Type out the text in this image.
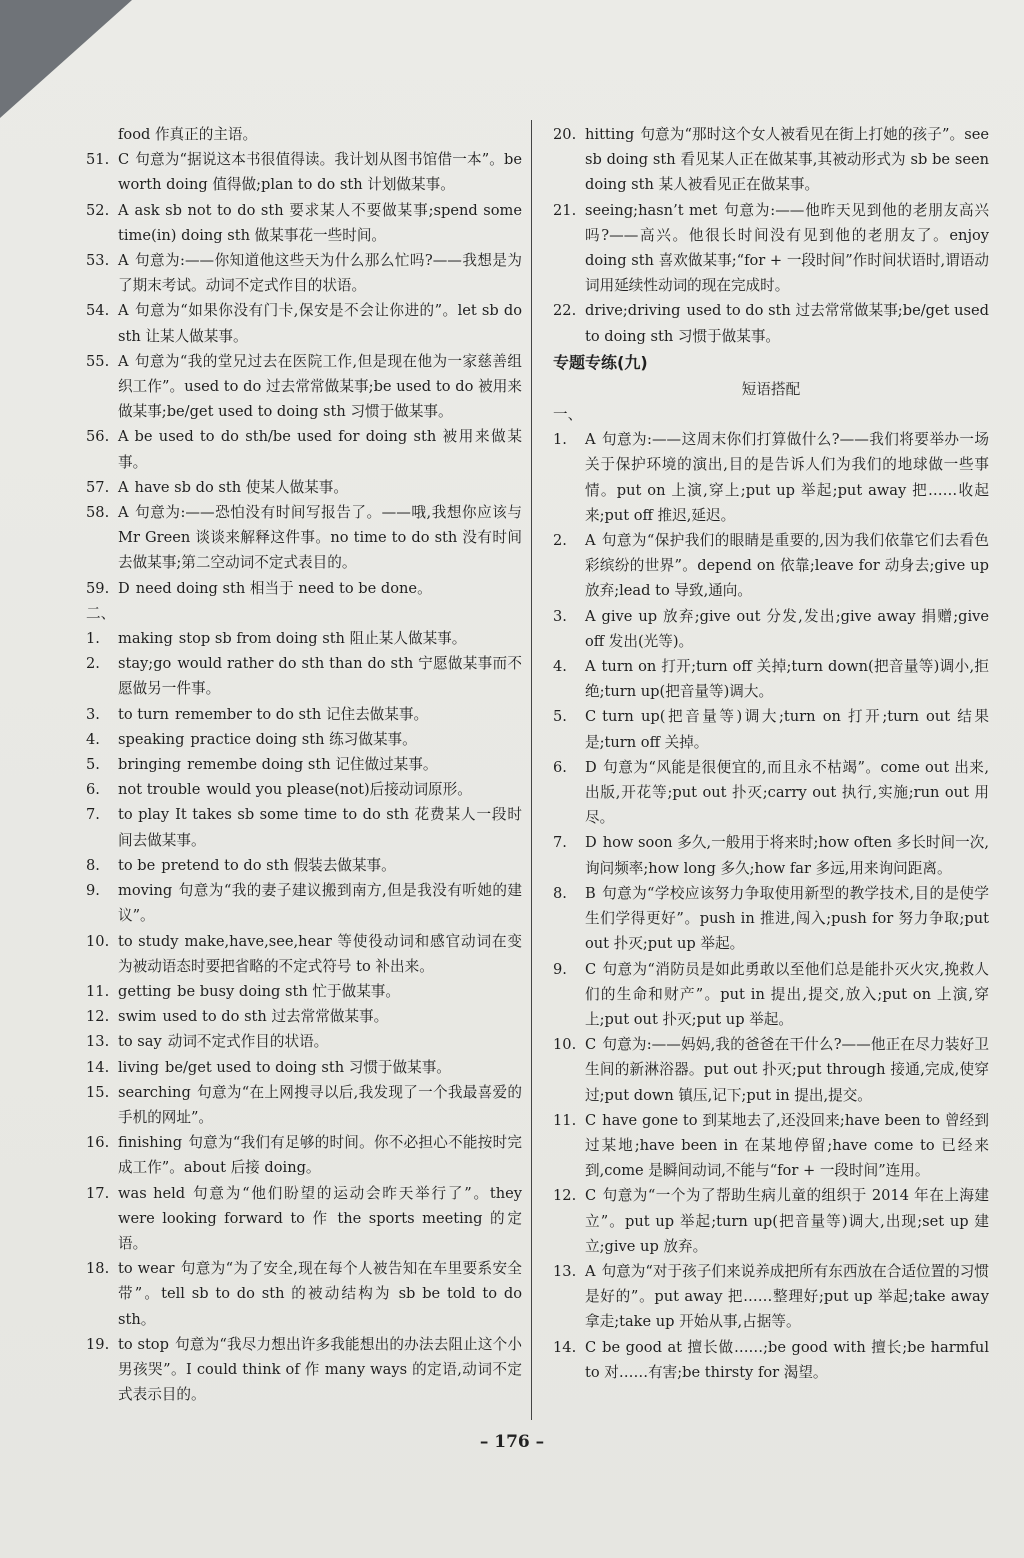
food 作真正的主语。

51. C 句意为“据说这本书很值得读。我计划从图书馆借一本”。be worth doing 值得做;plan to do sth 计划做某事。

52. A ask sb not to do sth 要求某人不要做某事;spend some time(in) doing sth 做某事花一些时间。

53. A 句意为:——你知道他这些天为什么那么忙吗?——我想是为了期末考试。动词不定式作目的状语。

54. A 句意为“如果你没有门卡,保安是不会让你进的”。let sb do sth 让某人做某事。

55. A 句意为“我的堂兄过去在医院工作,但是现在他为一家慈善组织工作”。used to do 过去常常做某事;be used to do 被用来做某事;be/get used to doing sth 习惯于做某事。

56. A be used to do sth/be used for doing sth 被用来做某事。

57. A have sb do sth 使某人做某事。

58. A 句意为:——恐怕没有时间写报告了。——哦,我想你应该与 Mr Green 谈谈来解释这件事。no time to do sth 没有时间去做某事;第二空动词不定式表目的。

59. D need doing sth 相当于 need to be done。

二、

1. making stop sb from doing sth 阻止某人做某事。

2. stay;go would rather do sth than do sth 宁愿做某事而不愿做另一件事。

3. to turn remember to do sth 记住去做某事。

4. speaking practice doing sth 练习做某事。

5. bringing remembe doing sth 记住做过某事。

6. not trouble would you please(not)后接动词原形。

7. to play It takes sb some time to do sth 花费某人一段时间去做某事。

8. to be pretend to do sth 假装去做某事。

9. moving 句意为“我的妻子建议搬到南方,但是我没有听她的建议”。

10. to study make,have,see,hear 等使役动词和感官动词在变为被动语态时要把省略的不定式符号 to 补出来。

11. getting be busy doing sth 忙于做某事。

12. swim used to do sth 过去常常做某事。

13. to say 动词不定式作目的状语。

14. living be/get used to doing sth 习惯于做某事。

15. searching 句意为“在上网搜寻以后,我发现了一个我最喜爱的手机的网址”。

16. finishing 句意为“我们有足够的时间。你不必担心不能按时完成工作”。about 后接 doing。

17. was held 句意为“他们盼望的运动会昨天举行了”。they were looking forward to 作 the sports meeting 的定语。

18. to wear 句意为“为了安全,现在每个人被告知在车里要系安全带”。tell sb to do sth 的被动结构为 sb be told to do sth。

19. to stop 句意为“我尽力想出许多我能想出的办法去阻止这个小男孩哭”。I could think of 作 many ways 的定语,动词不定式表示目的。

20. hitting 句意为“那时这个女人被看见在街上打她的孩子”。see sb doing sth 看见某人正在做某事,其被动形式为 sb be seen doing sth 某人被看见正在做某事。

21. seeing;hasn’t met 句意为:——他昨天见到他的老朋友高兴吗?——高兴。他很长时间没有见到他的老朋友了。enjoy doing sth 喜欢做某事;“for + 一段时间”作时间状语时,谓语动词用延续性动词的现在完成时。

22. drive;driving used to do sth 过去常常做某事;be/get used to doing sth 习惯于做某事。

专题专练(九)

短语搭配

一、

1. A 句意为:——这周末你们打算做什么?——我们将要举办一场关于保护环境的演出,目的是告诉人们为我们的地球做一些事情。put on 上演,穿上;put up 举起;put away 把……收起来;put off 推迟,延迟。

2. A 句意为“保护我们的眼睛是重要的,因为我们依靠它们去看色彩缤纷的世界”。depend on 依靠;leave for 动身去;give up 放弃;lead to 导致,通向。

3. A give up 放弃;give out 分发,发出;give away 捐赠;give off 发出(光等)。

4. A turn on 打开;turn off 关掉;turn down(把音量等)调小,拒绝;turn up(把音量等)调大。

5. C turn up(把音量等)调大;turn on 打开;turn out 结果是;turn off 关掉。

6. D 句意为“风能是很便宜的,而且永不枯竭”。come out 出来,出版,开花等;put out 扑灭;carry out 执行,实施;run out 用尽。

7. D how soon 多久,一般用于将来时;how often 多长时间一次,询问频率;how long 多久;how far 多远,用来询问距离。

8. B 句意为“学校应该努力争取使用新型的教学技术,目的是使学生们学得更好”。push in 推进,闯入;push for 努力争取;put out 扑灭;put up 举起。

9. C 句意为“消防员是如此勇敢以至他们总是能扑灭火灾,挽救人们的生命和财产”。put in 提出,提交,放入;put on 上演,穿上;put out 扑灭;put up 举起。

10. C 句意为:——妈妈,我的爸爸在干什么?——他正在尽力装好卫生间的新淋浴器。put out 扑灭;put through 接通,完成,使穿过;put down 镇压,记下;put in 提出,提交。

11. C have gone to 到某地去了,还没回来;have been to 曾经到过某地;have been in 在某地停留;have come to 已经来到,come 是瞬间动词,不能与“for + 一段时间”连用。

12. C 句意为“一个为了帮助生病儿童的组织于 2014 年在上海建立”。put up 举起;turn up(把音量等)调大,出现;set up 建立;give up 放弃。

13. A 句意为“对于孩子们来说养成把所有东西放在合适位置的习惯是好的”。put away 把……整理好;put up 举起;take away 拿走;take up 开始从事,占据等。

14. C be good at 擅长做……;be good with 擅长;be harmful to 对……有害;be thirsty for 渴望。

– 176 –
